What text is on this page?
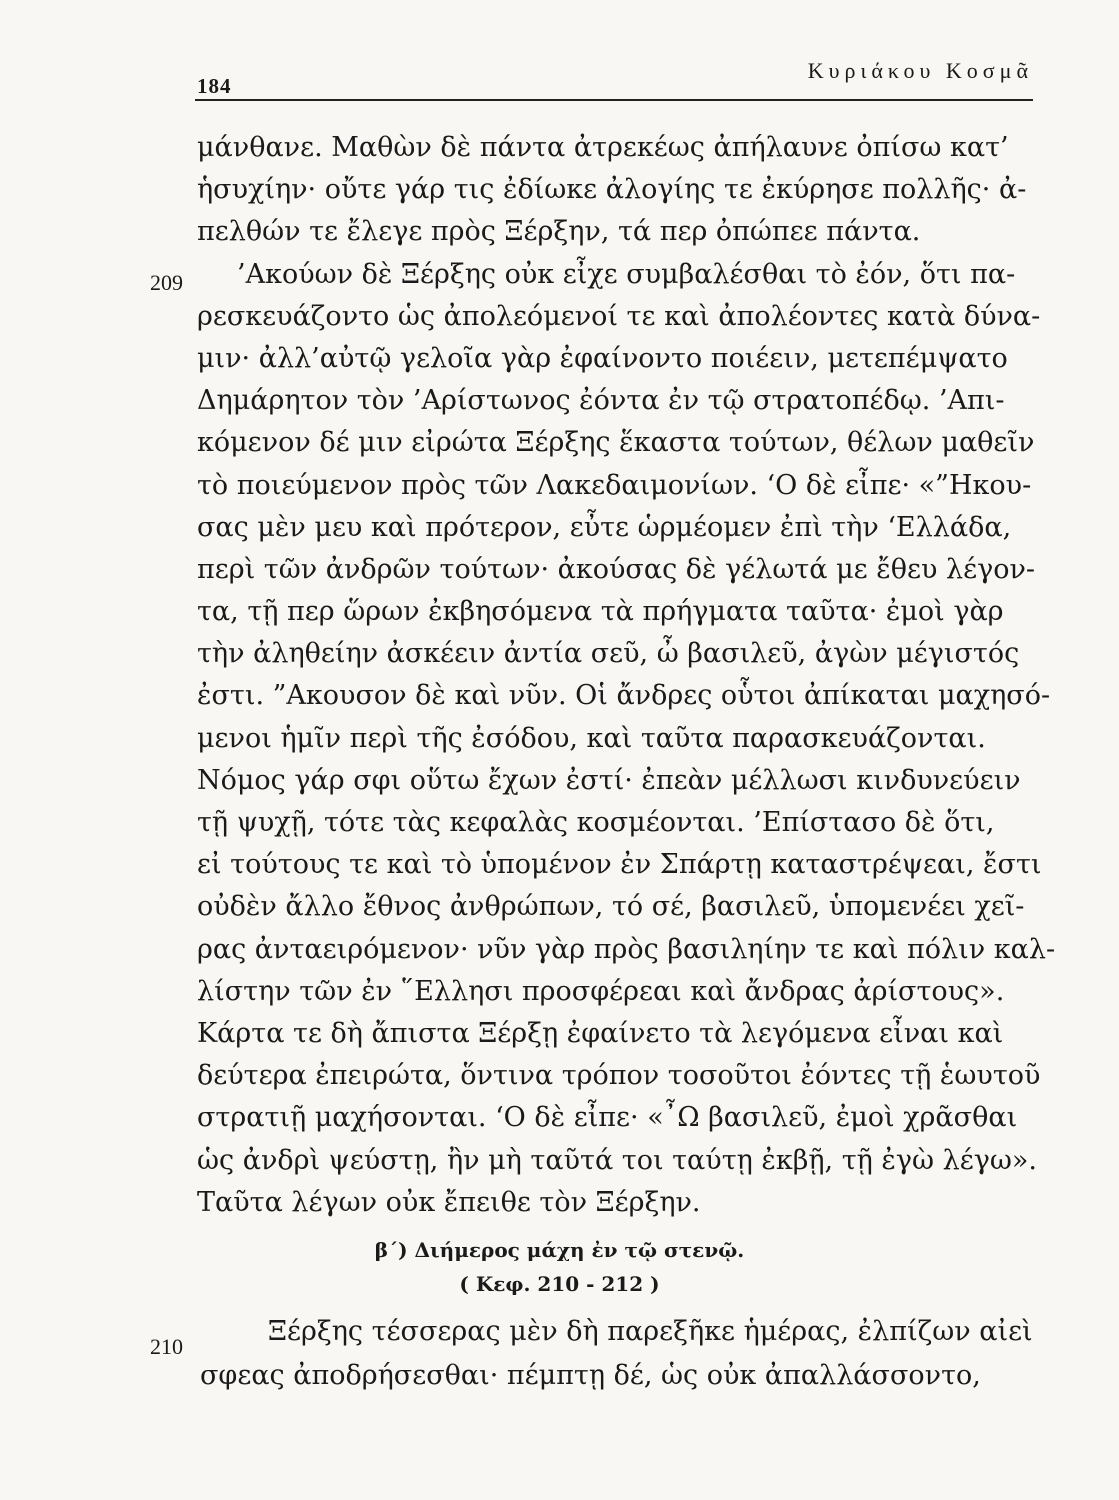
184
Κυριάκου Κοσμᾶ
209
210
μάνθανε. Μαθὼν δὲ πάντα ἀτρεκέως ἀπήλαυνε ὀπίσω κατ’
ἡσυχίην· οὔτε γάρ τις ἐδίωκε ἀλογίης τε ἐκύρησε πολλῆς· ἀ-
πελθών τε ἔλεγε πρὸς Ξέρξην, τά περ ὀπώπεε πάντα.
’Ακούων δὲ Ξέρξης οὐκ εἶχε συμβαλέσθαι τὸ ἐόν, ὅτι πα-
ρεσκευάζοντο ὡς ἀπολεόμενοί τε καὶ ἀπολέοντες κατὰ δύνα-
μιν· ἀλλ’αὐτῷ γελοῖα γὰρ ἐφαίνοντο ποιέειν, μετεπέμψατο
Δημάρητον τὸν ’Αρίστωνος ἐόντα ἐν τῷ στρατοπέδῳ. ’Απι-
κόμενον δέ μιν εἰρώτα Ξέρξης ἕκαστα τούτων, θέλων μαθεῖν
τὸ ποιεύμενον πρὸς τῶν Λακεδαιμονίων. ‘Ο δὲ εἶπε· «”Ηκου-
σας μὲν μευ καὶ πρότερον, εὖτε ὡρμέομεν ἐπὶ τὴν ‘Ελλάδα,
περὶ τῶν ἀνδρῶν τούτων· ἀκούσας δὲ γέλωτά με ἔθευ λέγον-
τα, τῇ περ ὥρων ἐκβησόμενα τὰ πρήγματα ταῦτα· ἐμοὶ γὰρ
τὴν ἀληθείην ἀσκέειν ἀντία σεῦ, ὦ βασιλεῦ, ἀγὼν μέγιστός
ἐστι. ”Ακουσον δὲ καὶ νῦν. Οἱ ἄνδρες οὗτοι ἀπίκαται μαχησό-
μενοι ἡμῖν περὶ τῆς ἐσόδου, καὶ ταῦτα παρασκευάζονται.
Νόμος γάρ σφι οὕτω ἔχων ἐστί· ἐπεὰν μέλλωσι κινδυνεύειν
τῇ ψυχῇ, τότε τὰς κεφαλὰς κοσμέονται. ’Επίστασο δὲ ὅτι,
εἰ τούτους τε καὶ τὸ ὑπομένον ἐν Σπάρτῃ καταστρέψεαι, ἔστι
οὐδὲν ἄλλο ἔθνος ἀνθρώπων, τό σέ, βασιλεῦ, ὑπομενέει χεῖ-
ρας ἀνταειρόμενον· νῦν γὰρ πρὸς βασιληίην τε καὶ πόλιν καλ-
λίστην τῶν ἐν ῞Ελλησι προσφέρεαι καὶ ἄνδρας ἀρίστους».
Κάρτα τε δὴ ἄπιστα Ξέρξῃ ἐφαίνετο τὰ λεγόμενα εἶναι καὶ
δεύτερα ἐπειρώτα, ὅντινα τρόπον τοσοῦτοι ἐόντες τῇ ἑωυτοῦ
στρατιῇ μαχήσονται. ‘Ο δὲ εἶπε· «῏Ω βασιλεῦ, ἐμοὶ χρᾶσθαι
ὡς ἀνδρὶ ψεύστῃ, ἢν μὴ ταῦτά τοι ταύτῃ ἐκβῇ, τῇ ἐγὼ λέγω».
Ταῦτα λέγων οὐκ ἔπειθε τὸν Ξέρξην.
β΄) Διήμερος μάχη ἐν τῷ στενῷ.
( Κεφ. 210 - 212 )
Ξέρξης τέσσερας μὲν δὴ παρεξῆκε ἡμέρας, ἐλπίζων αἰεὶ
σφεας ἀποδρήσεσθαι· πέμπτῃ δέ, ὡς οὐκ ἀπαλλάσσοντο,
